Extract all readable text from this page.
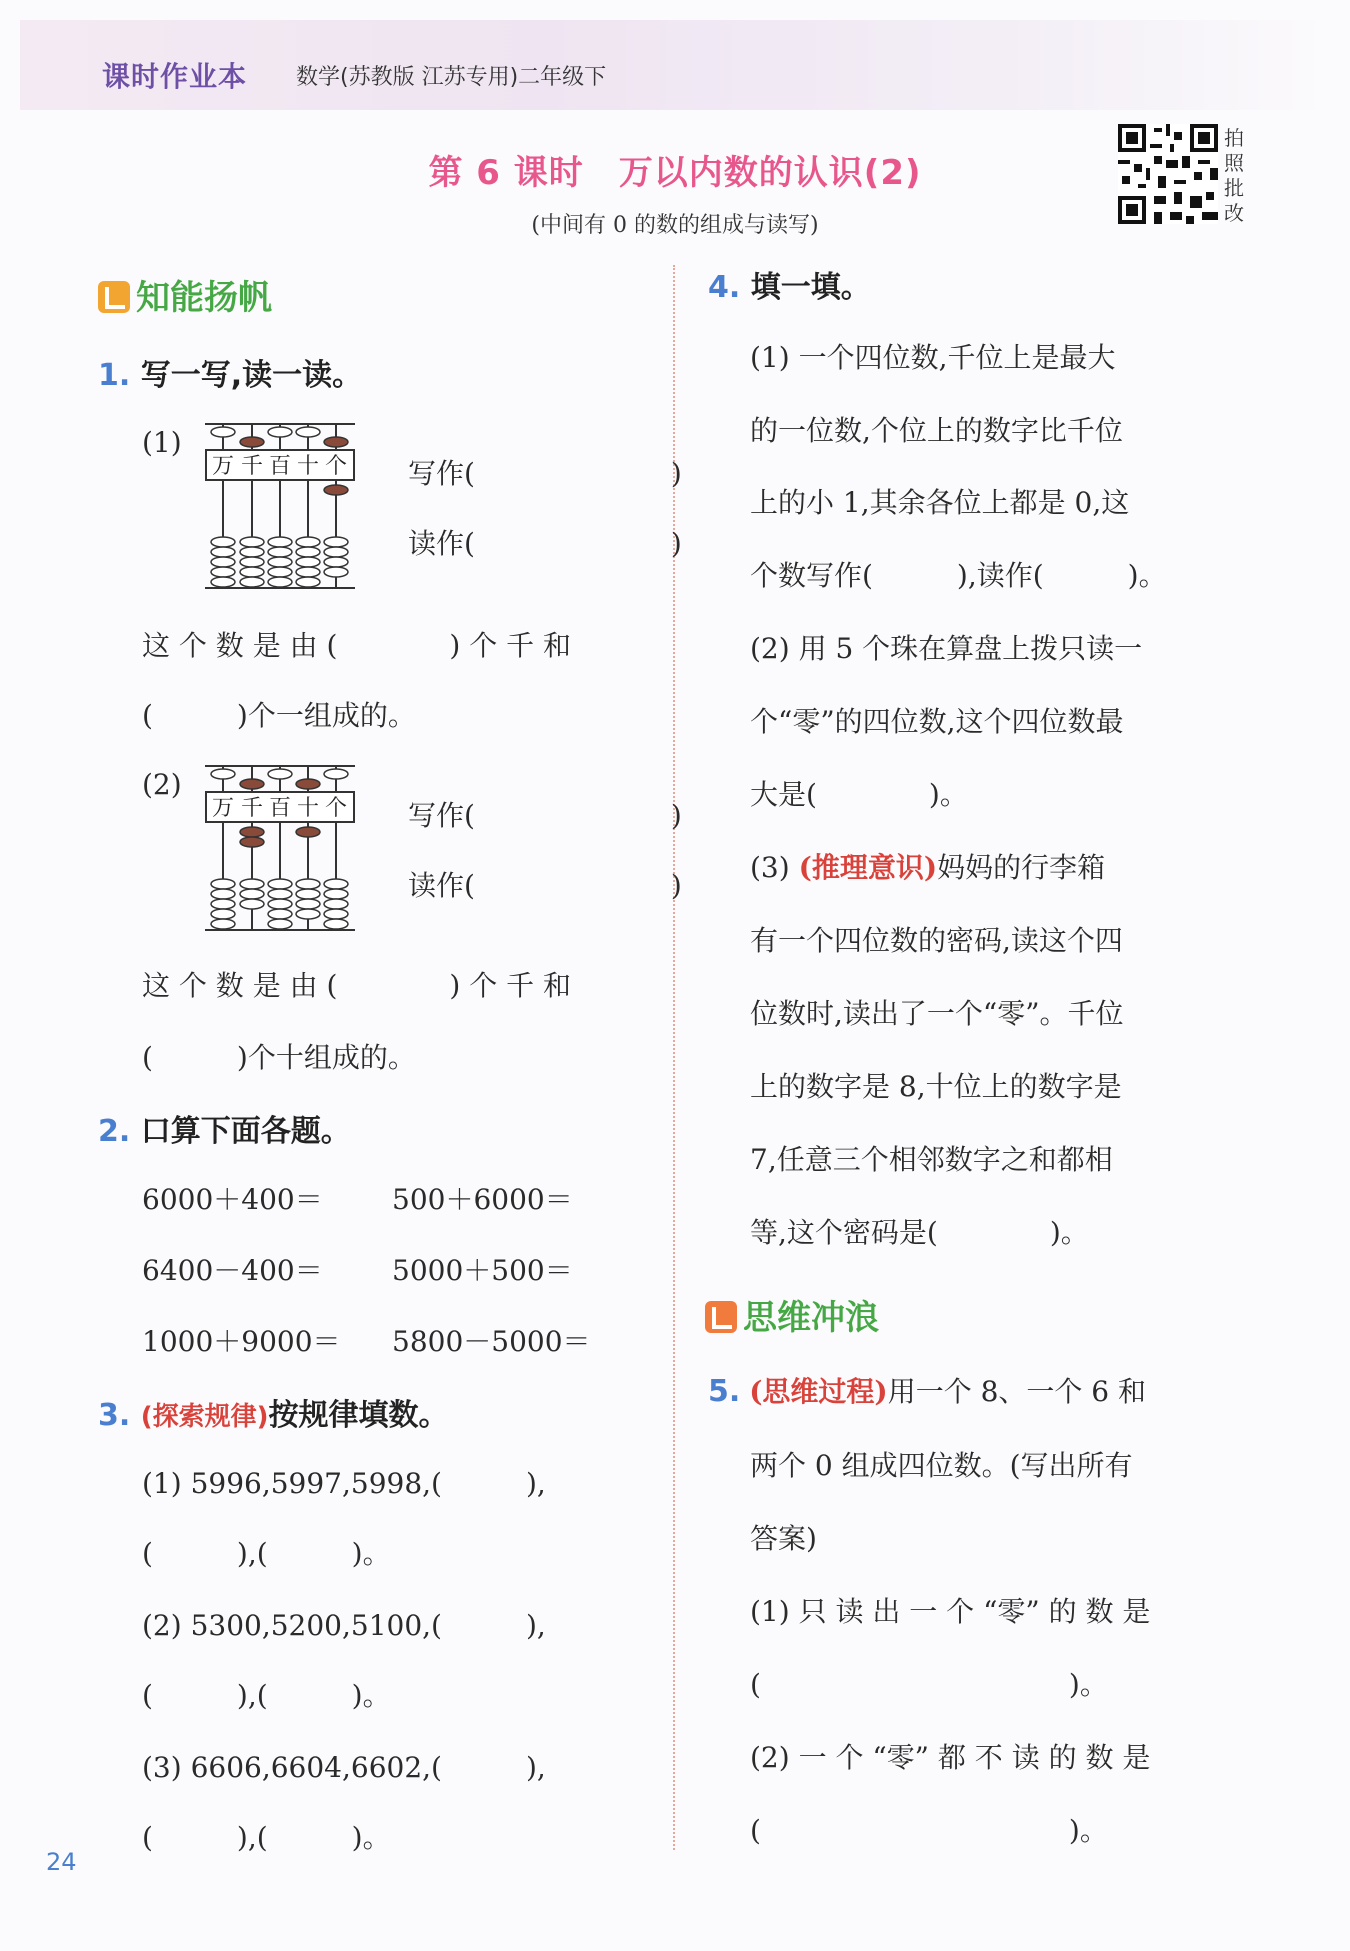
课时作业本 数学(苏教版 江苏专用)二年级下
第 6 课时　万以内数的认识(2)
(中间有 0 的数的组成与读写)
拍照批改
知能扬帆
1. 写一写,读一读。
(1)
万 千 百 十 个 写作(　　　　　　　)
读作(　　　　　　　)
这 个 数 是 由 (　　　　) 个 千 和
(　　　)个一组成的。
(2)
万 千 百 十 个 写作(　　　　　　　)
读作(　　　　　　　)
这 个 数 是 由 (　　　　) 个 千 和
(　　　)个十组成的。
2. 口算下面各题。
6000＋400＝ 500＋6000＝
6400－400＝ 5000＋500＝
1000＋9000＝ 5800－5000＝
3. (探索规律)按规律填数。
(1) 5996,5997,5998,(　　　),
(　　　),(　　　)。
(2) 5300,5200,5100,(　　　),
(　　　),(　　　)。
(3) 6606,6604,6602,(　　　),
(　　　),(　　　)。
4. 填一填。
(1) 一个四位数,千位上是最大
的一位数,个位上的数字比千位
上的小 1,其余各位上都是 0,这
个数写作(　　　),读作(　　　)。
(2) 用 5 个珠在算盘上拨只读一
个“零”的四位数,这个四位数最
大是(　　　　)。
(3) (推理意识)妈妈的行李箱
有一个四位数的密码,读这个四
位数时,读出了一个“零”。千位
上的数字是 8,十位上的数字是
7,任意三个相邻数字之和都相
等,这个密码是(　　　　)。
思维冲浪
5. (思维过程)用一个 8、一个 6 和
两个 0 组成四位数。(写出所有
答案)
(1) 只 读 出 一 个 “零” 的 数 是
(　　　　　　　　　　　)。
(2) 一 个 “零” 都 不 读 的 数 是
(　　　　　　　　　　　)。
24
